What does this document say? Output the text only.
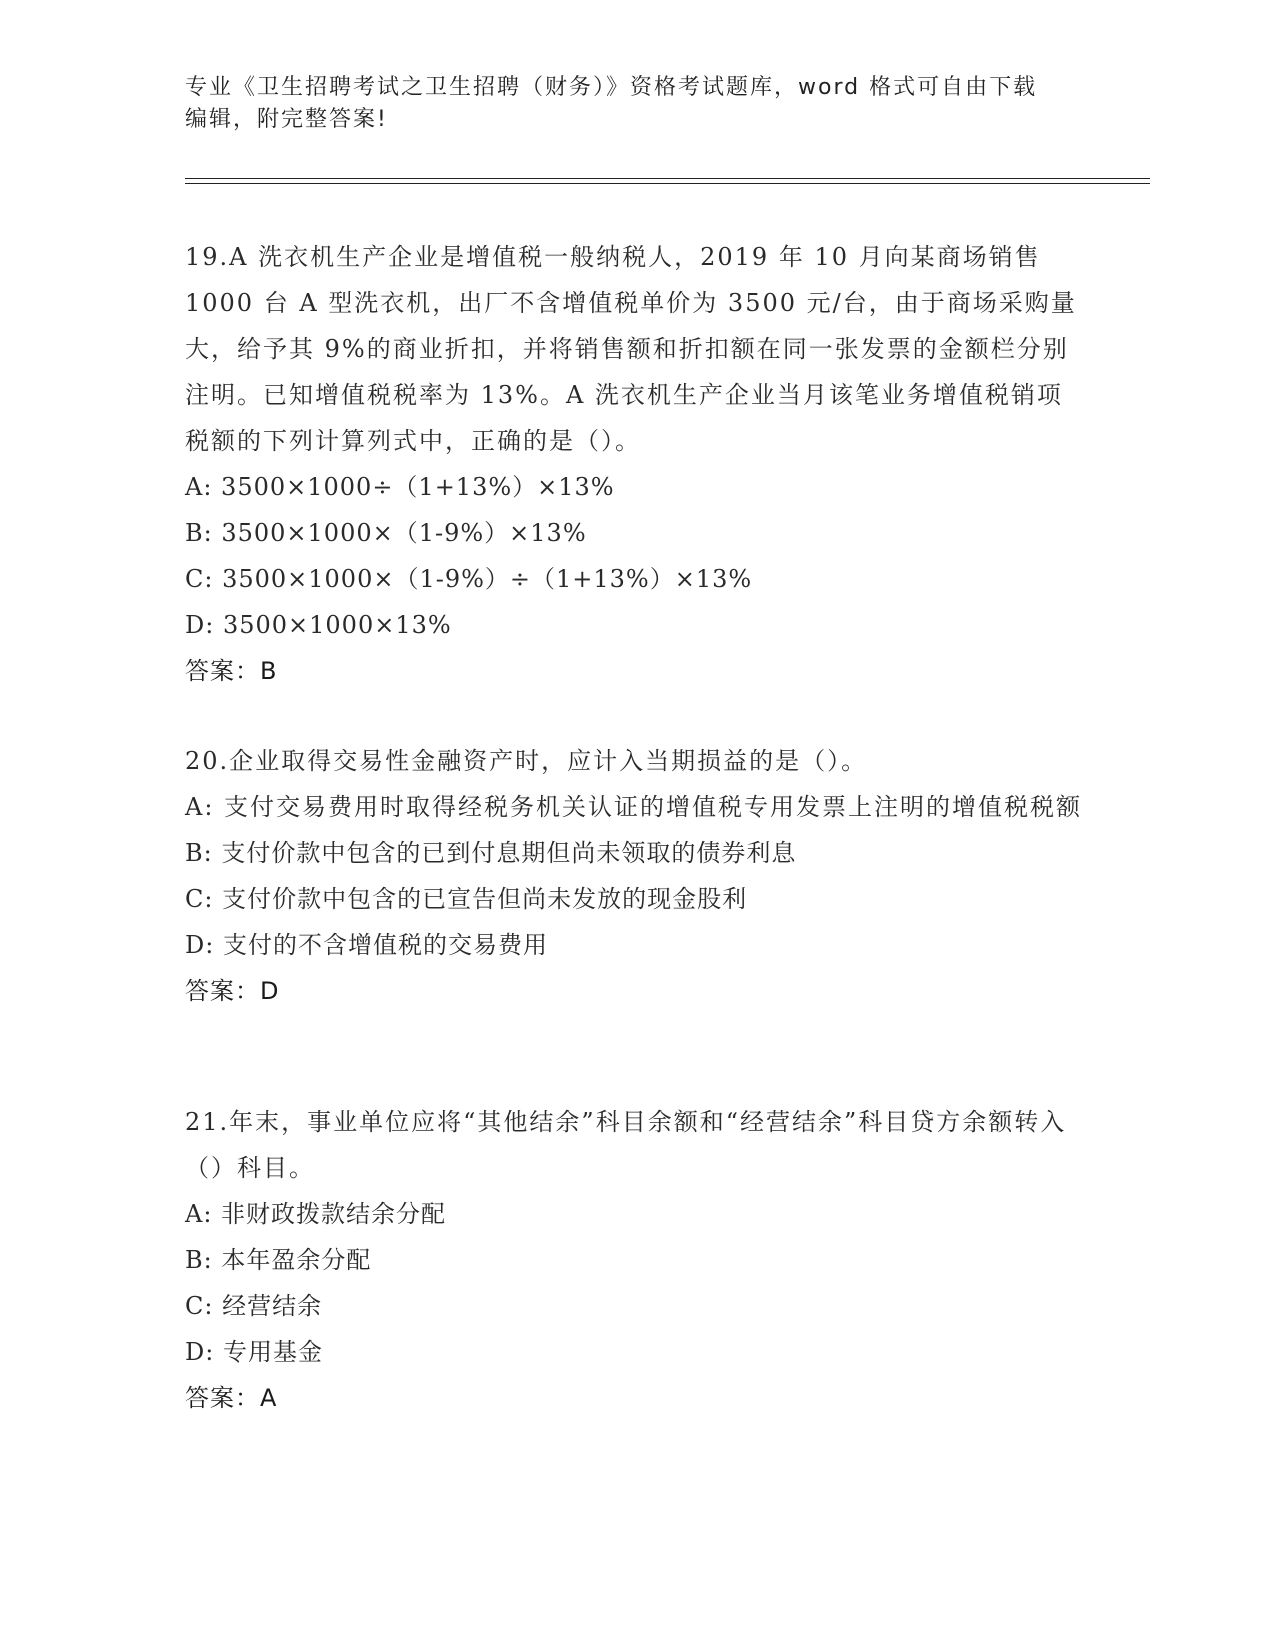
专业《卫生招聘考试之卫生招聘（财务）》资格考试题库，word 格式可自由下载
编辑，附完整答案!
19.A 洗衣机生产企业是增值税一般纳税人，2019 年 10 月向某商场销售 1000 台 A 型洗衣机，出厂不含增值税单价为 3500 元/台，由于商场采购量大，给予其 9%的商业折扣，并将销售额和折扣额在同一张发票的金额栏分别注明。已知增值税税率为 13%。A 洗衣机生产企业当月该笔业务增值税销项税额的下列计算列式中，正确的是（）。
A: 3500×1000÷（1+13%）×13%
B: 3500×1000×（1-9%）×13%
C: 3500×1000×（1-9%）÷（1+13%）×13%
D: 3500×1000×13%
答案：B
20.企业取得交易性金融资产时，应计入当期损益的是（）。
A: 支付交易费用时取得经税务机关认证的增值税专用发票上注明的增值税税额
B: 支付价款中包含的已到付息期但尚未领取的债券利息
C: 支付价款中包含的已宣告但尚未发放的现金股利
D: 支付的不含增值税的交易费用
答案：D
21.年末，事业单位应将“其他结余”科目余额和“经营结余”科目贷方余额转入（）科目。
A: 非财政拨款结余分配
B: 本年盈余分配
C: 经营结余
D: 专用基金
答案：A
